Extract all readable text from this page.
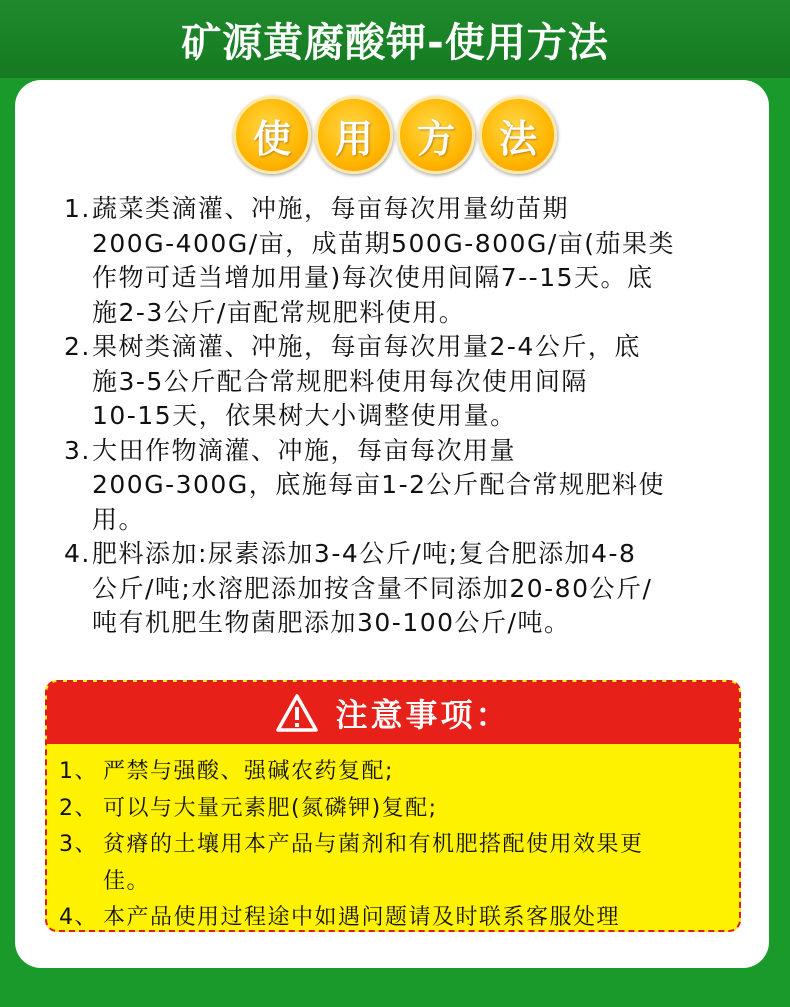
矿源黄腐酸钾-使用方法
使 用 方 法
1. 蔬菜类滴灌、冲施，每亩每次用量幼苗期
200G-400G/亩，成苗期500G-800G/亩(茄果类
作物可适当增加用量)每次使用间隔7--15天。底
施2-3公斤/亩配常规肥料使用。
2. 果树类滴灌、冲施，每亩每次用量2-4公斤，底
施3-5公斤配合常规肥料使用每次使用间隔
10-15天，依果树大小调整使用量。
3. 大田作物滴灌、冲施，每亩每次用量
200G-300G，底施每亩1-2公斤配合常规肥料使
用。
4. 肥料添加:尿素添加3-4公斤/吨;复合肥添加4-8
公斤/吨;水溶肥添加按含量不同添加20-80公斤/
吨有机肥生物菌肥添加30-100公斤/吨。
注意事项：
1、 严禁与强酸、强碱农药复配;
2、 可以与大量元素肥(氮磷钾)复配;
3、 贫瘠的土壤用本产品与菌剂和有机肥搭配使用效果更
佳。
4、 本产品使用过程途中如遇问题请及时联系客服处理
